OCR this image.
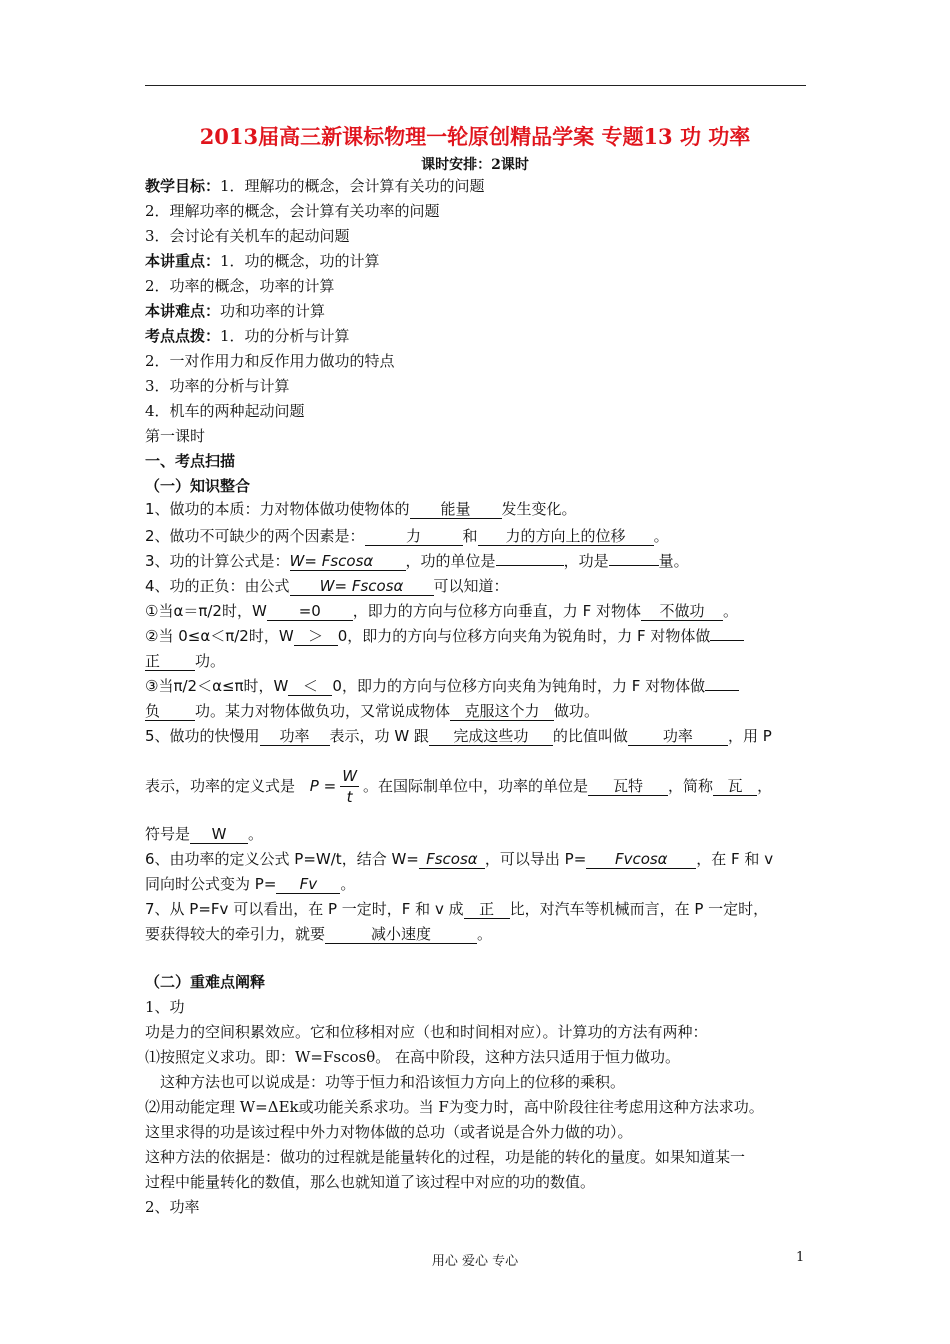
2013届高三新课标物理一轮原创精品学案 专题13 功 功率
课时安排：2课时
教学目标：1．理解功的概念，会计算有关功的问题
2．理解功率的概念，会计算有关功率的问题
3．会讨论有关机车的起动问题
本讲重点：1．功的概念，功的计算
2．功率的概念，功率的计算
本讲难点：功和功率的计算
考点点拨：1．功的分析与计算
2．一对作用力和反作用力做功的特点
3．功率的分析与计算
4．机车的两种起动问题
第一课时
一、考点扫描
（一）知识整合
1、做功的本质：力对物体做功使物体的 能量 发生变化。
2、做功不可缺少的两个因素是：	力	和 力的方向上的位移 。
3、功的计算公式是：W= Fscosα ，功的单位是	，功是	量。
4、功的正负：由公式 W= Fscosα 可以知道：
①当α＝π/2时，W =0 ，即力的方向与位移方向垂直，力 F 对物体 不做功 。
②当 0≤α＜π/2时，W ＞ 0，即力的方向与位移方向夹角为锐角时，力 F 对物体做
正 功。
③当π/2＜α≤π时，W ＜ 0，即力的方向与位移方向夹角为钝角时，力 F 对物体做
负 功。某力对物体做负功，又常说成物体 克服这个力 做功。
5、做功的快慢用 功率 表示，功 W 跟 完成这些功 的比值叫做 功率 ，用 P
表示，功率的定义式是 $P = \frac{W}{t}$ 。在国际制单位中，功率的单位是 瓦特 ，简称 瓦 ，
符号是 W 。
6、由功率的定义公式 P=W/t，结合 W= Fscosα ，可以导出 P= Fvcosα ，在 F 和 v
同向时公式变为 P= Fv 。
7、从 P=Fv 可以看出，在 P 一定时，F 和 v 成 正 比，对汽车等机械而言，在 P 一定时，
要获得较大的牵引力，就要	减小速度	。
（二）重难点阐释
1、功
功是力的空间积累效应。它和位移相对应（也和时间相对应）。计算功的方法有两种：
⑴按照定义求功。即：W=Fscosθ。 在高中阶段，这种方法只适用于恒力做功。
这种方法也可以说成是：功等于恒力和沿该恒力方向上的位移的乘积。
⑵用动能定理 W=ΔEk或功能关系求功。当 F为变力时，高中阶段往往考虑用这种方法求功。
这里求得的功是该过程中外力对物体做的总功（或者说是合外力做的功）。
这种方法的依据是：做功的过程就是能量转化的过程，功是能的转化的量度。如果知道某一
过程中能量转化的数值，那么也就知道了该过程中对应的功的数值。
2、功率
用心 爱心 专心	1
